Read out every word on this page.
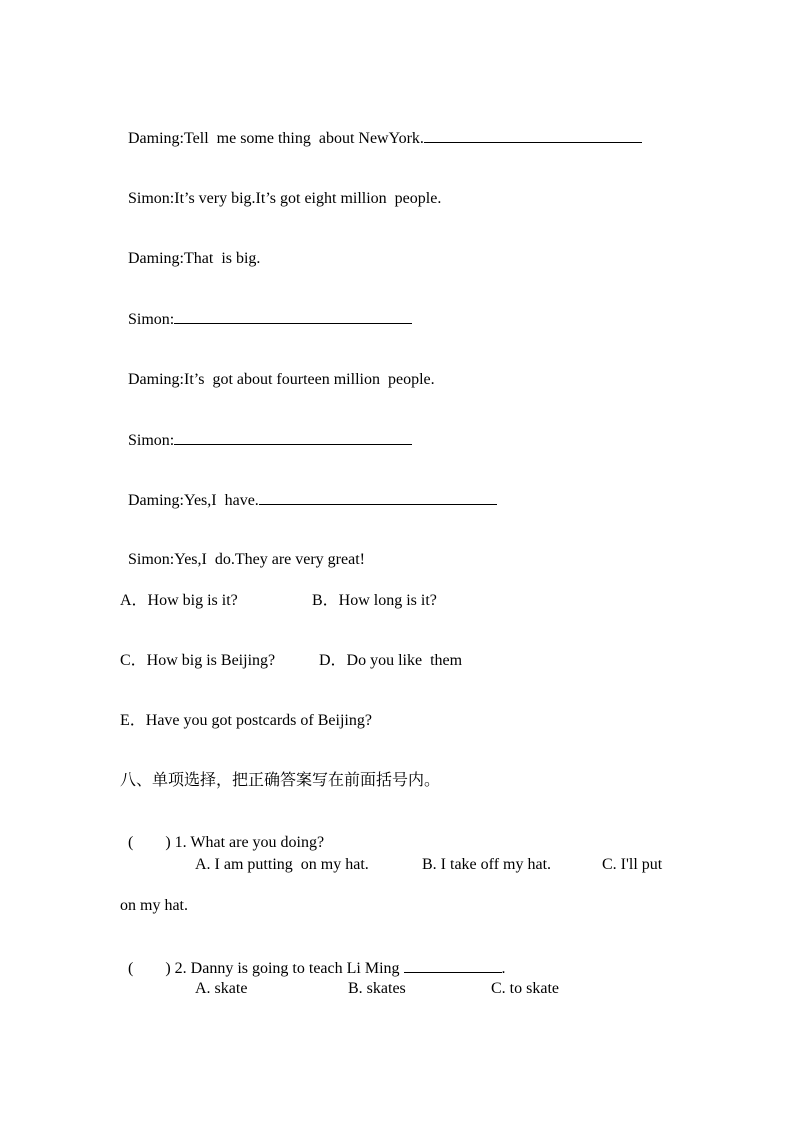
Daming:Tell  me some thing  about NewYork.

Simon:It’s very big.It’s got eight million  people.

Daming:That  is big.

Simon:

Daming:It’s  got about fourteen million  people.

Simon:

Daming:Yes,I  have.

Simon:Yes,I  do.They are very great!

A．How big is it?	B．How long is it?
C．How big is Beijing?	D．Do you like  them
E．Have you got postcards of Beijing?
八、单项选择，把正确答案写在前面括号内。

(        ) 1. What are you doing?

A. I am putting  on my hat.	B. I take off my hat.	C. I'll put
on my hat.

(        ) 2. Danny is going to teach Li Ming	.

A. skate	B. skates	C. to skate
